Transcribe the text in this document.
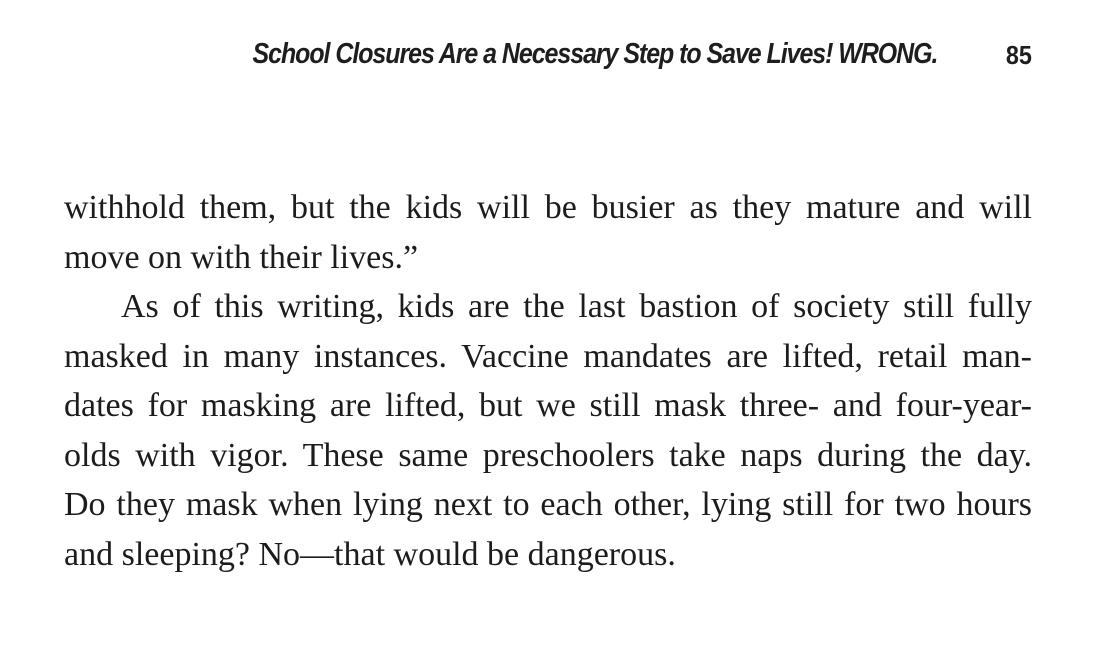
School Closures Are a Necessary Step to Save Lives! WRONG.	85
withhold them, but the kids will be busier as they mature and will
move on with their lives.”
As of this writing, kids are the last bastion of society still fully
masked in many instances. Vaccine mandates are lifted, retail man-
dates for masking are lifted, but we still mask three- and four-year-
olds with vigor. These same preschoolers take naps during the day.
Do they mask when lying next to each other, lying still for two hours
and sleeping? No—that would be dangerous.
